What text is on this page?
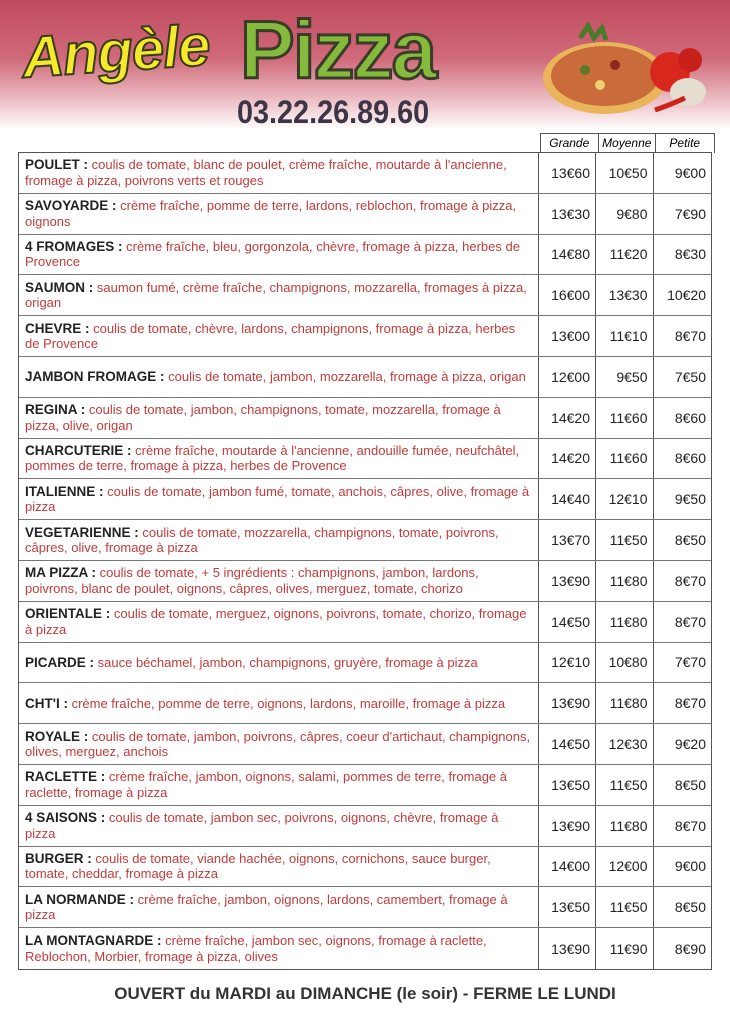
Angèle Pizza
03.22.26.89.60
Grande	Moyenne	Petite
POULET : coulis de tomate, blanc de poulet, crème fraîche, moutarde à l'ancienne, fromage à pizza, poivrons verts et rouges	13€60	10€50	9€00
SAVOYARDE : crème fraîche, pomme de terre, lardons, reblochon, fromage à pizza, oignons	13€30	9€80	7€90
4 FROMAGES : crème fraîche, bleu, gorgonzola, chèvre, fromage à pizza, herbes de Provence	14€80	11€20	8€30
SAUMON : saumon fumé, crème fraîche, champignons, mozzarella, fromages à pizza, origan	16€00	13€30	10€20
CHEVRE : coulis de tomate, chèvre, lardons, champignons, fromage à pizza, herbes de Provence	13€00	11€10	8€70
JAMBON FROMAGE : coulis de tomate, jambon, mozzarella, fromage à pizza, origan	12€00	9€50	7€50
REGINA : coulis de tomate, jambon, champignons, tomate, mozzarella, fromage à pizza, olive, origan	14€20	11€60	8€60
CHARCUTERIE : crème fraîche, moutarde à l'ancienne, andouille fumée, neufchâtel, pommes de terre, fromage à pizza, herbes de Provence	14€20	11€60	8€60
ITALIENNE : coulis de tomate, jambon fumé, tomate, anchois, câpres, olive, fromage à pizza	14€40	12€10	9€50
VEGETARIENNE : coulis de tomate, mozzarella, champignons, tomate, poivrons, câpres, olive, fromage à pizza	13€70	11€50	8€50
MA PIZZA : coulis de tomate, + 5 ingrédients : champignons, jambon, lardons, poivrons, blanc de poulet, oignons, câpres, olives, merguez, tomate, chorizo	13€90	11€80	8€70
ORIENTALE : coulis de tomate, merguez, oignons, poivrons, tomate, chorizo, fromage à pizza	14€50	11€80	8€70
PICARDE : sauce béchamel, jambon, champignons, gruyère, fromage à pizza	12€10	10€80	7€70
CHT'I : crème fraîche, pomme de terre, oignons, lardons, maroille, fromage à pizza	13€90	11€80	8€70
ROYALE : coulis de tomate, jambon, poivrons, câpres, coeur d'artichaut, champignons, olives, merguez, anchois	14€50	12€30	9€20
RACLETTE : crème fraîche, jambon, oignons, salami, pommes de terre, fromage à raclette, fromage à pizza	13€50	11€50	8€50
4 SAISONS : coulis de tomate, jambon sec, poivrons, oignons, chèvre, fromage à pizza	13€90	11€80	8€70
BURGER : coulis de tomate, viande hachée, oignons, cornichons, sauce burger, tomate, cheddar, fromage à pizza	14€00	12€00	9€00
LA NORMANDE : crème fraîche, jambon, oignons, lardons, camembert, fromage à pizza	13€50	11€50	8€50
LA MONTAGNARDE : crème fraîche, jambon sec, oignons, fromage à raclette, Reblochon, Morbier, fromage à pizza, olives	13€90	11€90	8€90
OUVERT du MARDI au DIMANCHE (le soir) - FERME LE LUNDI
